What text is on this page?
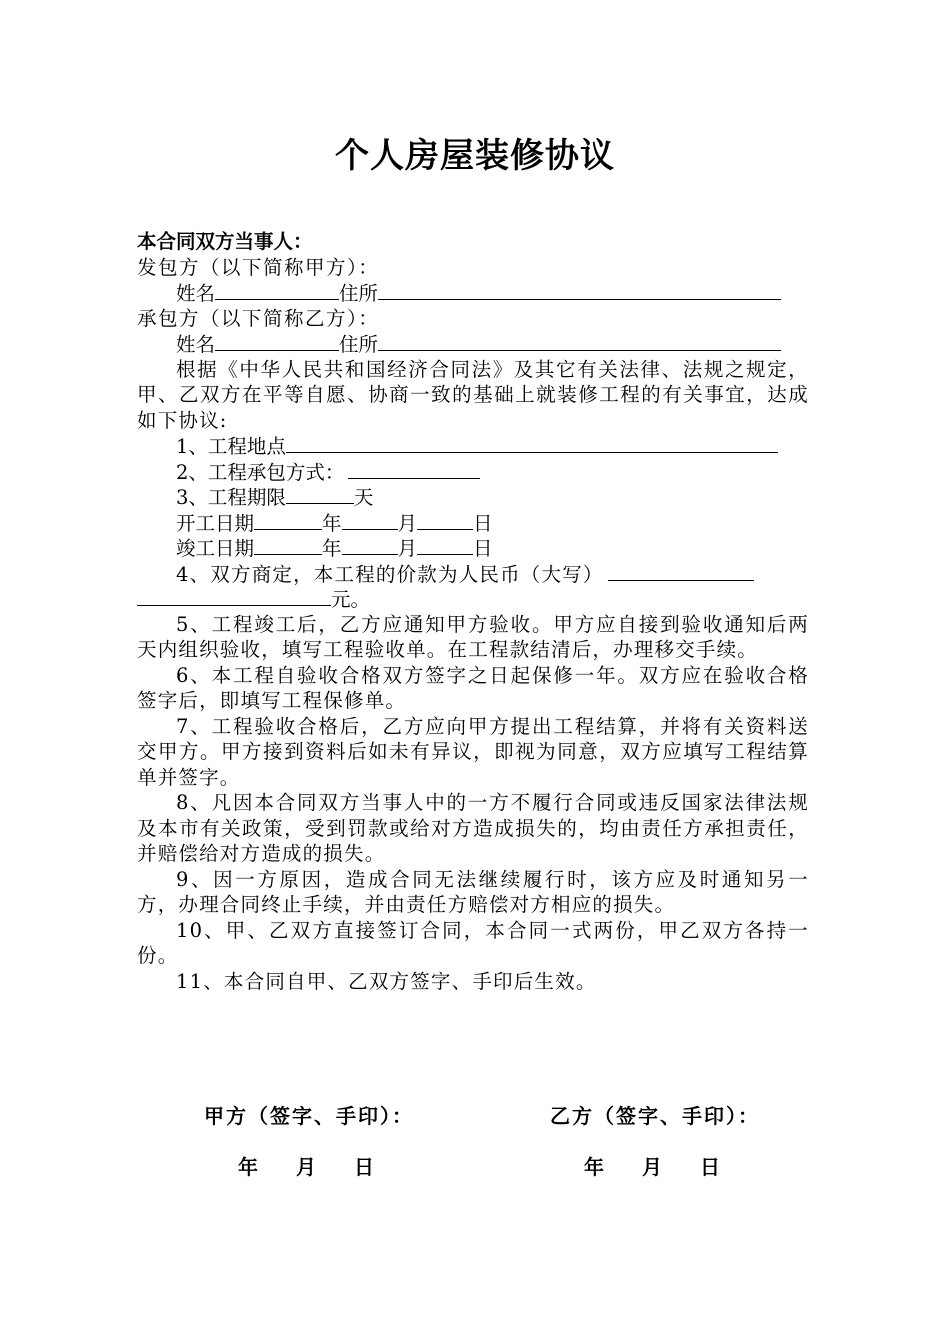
个人房屋装修协议
本合同双方当事人：
发包方（以下简称甲方）：
姓名	住所
承包方（以下简称乙方）：
姓名	住所
根据《中华人民共和国经济合同法》及其它有关法律、法规之规定，甲、乙双方在平等自愿、协商一致的基础上就装修工程的有关事宜，达成如下协议:
1、工程地点
2、工程承包方式：
3、工程期限	天
开工日期	年	月	日
竣工日期	年	月	日
4、双方商定，本工程的价款为人民币（大写）
元。
5、工程竣工后，乙方应通知甲方验收。甲方应自接到验收通知后两天内组织验收，填写工程验收单。在工程款结清后，办理移交手续。
6、本工程自验收合格双方签字之日起保修一年。双方应在验收合格签字后，即填写工程保修单。
7、工程验收合格后，乙方应向甲方提出工程结算，并将有关资料送交甲方。甲方接到资料后如未有异议，即视为同意，双方应填写工程结算单并签字。
8、凡因本合同双方当事人中的一方不履行合同或违反国家法律法规及本市有关政策，受到罚款或给对方造成损失的，均由责任方承担责任，并赔偿给对方造成的损失。
9、因一方原因，造成合同无法继续履行时，该方应及时通知另一方，办理合同终止手续，并由责任方赔偿对方相应的损失。
10、甲、乙双方直接签订合同，本合同一式两份，甲乙双方各持一份。
11、本合同自甲、乙双方签字、手印后生效。
甲方（签字、手印）：	乙方（签字、手印）：
年 月 日	年 月 日
